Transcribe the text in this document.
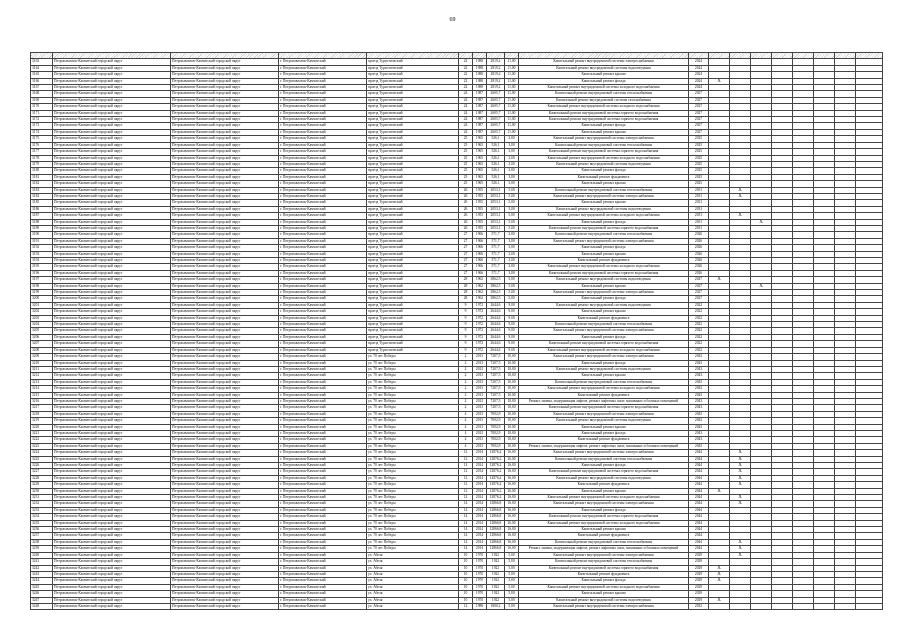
69

3163	Петропавловск-Камчатский городской округ	Петропавловск-Камчатский городской округ	г. Петропавловск-Камчатский	проезд Туристический	22	1988	2819,2	11,00	Капитальный ремонт внутридомовой системы электроснабжения	2024								
3164	Петропавловск-Камчатский городской округ	Петропавловск-Камчатский городской округ	г. Петропавловск-Камчатский	проезд Туристический	22	1988	2819,2	11,00	Капитальный ремонт внутридомовой системы водоотведения	2024								
3165	Петропавловск-Камчатский городской округ	Петропавловск-Камчатский городской округ	г. Петропавловск-Камчатский	проезд Туристический	22	1988	2819,2	11,00	Капитальный ремонт крыши	2024								
3166	Петропавловск-Камчатский городской округ	Петропавловск-Камчатский городской округ	г. Петропавловск-Камчатский	проезд Туристический	22	1988	2819,2	11,00	Капитальный ремонт фасада	2024	X							
3167	Петропавловск-Камчатский городской округ	Петропавловск-Камчатский городской округ	г. Петропавловск-Камчатский	проезд Туристический	22	1988	2819,2	11,00	Капитальный ремонт внутридомовой системы холодного водоснабжения	2024								
3168	Петропавловск-Камчатский городской округ	Петропавловск-Камчатский городской округ	г. Петропавловск-Камчатский	проезд Туристический	24	1987	2605,7	11,00	Капитальный ремонт внутридомовой системы теплоснабжения	2027								
3169	Петропавловск-Камчатский городской округ	Петропавловск-Камчатский городской округ	г. Петропавловск-Камчатский	проезд Туристический	24	1987	2605,7	11,00	Капитальный ремонт внутридомовой системы газоснабжения	2027								
3170	Петропавловск-Камчатский городской округ	Петропавловск-Камчатский городской округ	г. Петропавловск-Камчатский	проезд Туристический	24	1987	2605,7	11,00	Капитальный ремонт внутридомовой системы холодного водоснабжения	2027								
3171	Петропавловск-Камчатский городской округ	Петропавловск-Камчатский городской округ	г. Петропавловск-Камчатский	проезд Туристический	24	1987	2605,7	11,00	Капитальный ремонт внутридомовой системы горячего водоснабжения	2027								
3172	Петропавловск-Камчатский городской округ	Петропавловск-Камчатский городской округ	г. Петропавловск-Камчатский	проезд Туристический	24	1987	2605,7	11,00	Капитальный ремонт внутридомовой системы горячего водоснабжения	2027								
3173	Петропавловск-Камчатский городской округ	Петропавловск-Камчатский городской округ	г. Петропавловск-Камчатский	проезд Туристический	24	1987	2605,7	11,00	Капитальный ремонт фасада	2027								
3174	Петропавловск-Камчатский городской округ	Петропавловск-Камчатский городской округ	г. Петропавловск-Камчатский	проезд Туристический	24	1987	2605,7	11,00	Капитальный ремонт крыши	2027								
3175	Петропавловск-Камчатский городской округ	Петропавловск-Камчатский городской округ	г. Петропавловск-Камчатский	проезд Туристический	25	1965	526,1	3,00	Капитальный ремонт внутридомовой системы электроснабжения	2025								
3176	Петропавловск-Камчатский городской округ	Петропавловск-Камчатский городской округ	г. Петропавловск-Камчатский	проезд Туристический	25	1965	526,1	3,00	Капитальный ремонт внутридомовой системы теплоснабжения	2025								
3177	Петропавловск-Камчатский городской округ	Петропавловск-Камчатский городской округ	г. Петропавловск-Камчатский	проезд Туристический	25	1965	526,1	3,00	Капитальный ремонт внутридомовой системы горячего водоснабжения	2025								
3178	Петропавловск-Камчатский городской округ	Петропавловск-Камчатский городской округ	г. Петропавловск-Камчатский	проезд Туристический	25	1965	526,1	3,00	Капитальный ремонт внутридомовой системы холодного водоснабжения	2025								
3179	Петропавловск-Камчатский городской округ	Петропавловск-Камчатский городской округ	г. Петропавловск-Камчатский	проезд Туристический	25	1965	526,1	3,00	Капитальный ремонт внутридомовой системы водоотведения	2025								
3180	Петропавловск-Камчатский городской округ	Петропавловск-Камчатский городской округ	г. Петропавловск-Камчатский	проезд Туристический	25	1965	526,1	3,00	Капитальный ремонт фасада	2025								
3181	Петропавловск-Камчатский городской округ	Петропавловск-Камчатский городской округ	г. Петропавловск-Камчатский	проезд Туристический	25	1965	526,1	3,00	Капитальный ремонт фундамента	2025								
3182	Петропавловск-Камчатский городской округ	Петропавловск-Камчатский городской округ	г. Петропавловск-Камчатский	проезд Туристический	25	1965	526,1	3,00	Капитальный ремонт крыши	2025								
3183	Петропавловск-Камчатский городской округ	Петропавловск-Камчатский городской округ	г. Петропавловск-Камчатский	проезд Туристический	26	1955	2053,1	5,00	Капитальный ремонт внутридомовой системы теплоснабжения	2031		X						
3184	Петропавловск-Камчатский городской округ	Петропавловск-Камчатский городской округ	г. Петропавловск-Камчатский	проезд Туристический	26	1955	2053,1	5,00	Капитальный ремонт внутридомовой системы электроснабжения	2031		X						
3185	Петропавловск-Камчатский городской округ	Петропавловск-Камчатский городской округ	г. Петропавловск-Камчатский	проезд Туристический	26	1955	2053,1	5,00	Капитальный ремонт крыши	2031								
3186	Петропавловск-Камчатский городской округ	Петропавловск-Камчатский городской округ	г. Петропавловск-Камчатский	проезд Туристический	26	1955	2053,1	5,00	Капитальный ремонт внутридомовой системы водоотведения	2031								
3187	Петропавловск-Камчатский городской округ	Петропавловск-Камчатский городской округ	г. Петропавловск-Камчатский	проезд Туристический	26	1955	2053,1	5,00	Капитальный ремонт внутридомовой системы холодного водоснабжения	2031		X						
3188	Петропавловск-Камчатский городской округ	Петропавловск-Камчатский городской округ	г. Петропавловск-Камчатский	проезд Туристический	26	1955	2053,1	5,00	Капитальный ремонт фасада	2031			X					
3189	Петропавловск-Камчатский городской округ	Петропавловск-Камчатский городской округ	г. Петропавловск-Камчатский	проезд Туристический	26	1955	2053,1	5,00	Капитальный ремонт внутридомовой системы горячего водоснабжения	2031								
3190	Петропавловск-Камчатский городской округ	Петропавловск-Камчатский городской округ	г. Петропавловск-Камчатский	проезд Туристический	27	1966	571,7	3,00	Капитальный ремонт внутридомовой системы теплоснабжения	2026								
3191	Петропавловск-Камчатский городской округ	Петропавловск-Камчатский городской округ	г. Петропавловск-Камчатский	проезд Туристический	27	1966	571,7	3,00	Капитальный ремонт внутридомовой системы электроснабжения	2026								
3192	Петропавловск-Камчатский городской округ	Петропавловск-Камчатский городской округ	г. Петропавловск-Камчатский	проезд Туристический	27	1966	571,7	3,00	Капитальный ремонт фасада	2026								
3193	Петропавловск-Камчатский городской округ	Петропавловск-Камчатский городской округ	г. Петропавловск-Камчатский	проезд Туристический	27	1966	571,7	3,00	Капитальный ремонт крыши	2026								
3194	Петропавловск-Камчатский городской округ	Петропавловск-Камчатский городской округ	г. Петропавловск-Камчатский	проезд Туристический	27	1966	571,7	3,00	Капитальный ремонт фундамента	2026								
3195	Петропавловск-Камчатский городской округ	Петропавловск-Камчатский городской округ	г. Петропавловск-Камчатский	проезд Туристический	27	1966	571,7	3,00	Капитальный ремонт внутридомовой системы холодного водоснабжения	2026								
3196	Петропавловск-Камчатский городской округ	Петропавловск-Камчатский городской округ	г. Петропавловск-Камчатский	проезд Туристический	27	1966	571,7	3,00	Капитальный ремонт внутридомовой системы горячего водоснабжения	2026								
3197	Петропавловск-Камчатский городской округ	Петропавловск-Камчатский городской округ	г. Петропавловск-Камчатский	проезд Туристический	28	1962	3862,5	5,00	Капитальный ремонт внутридомовой системы водоотведения	2027	X							
3198	Петропавловск-Камчатский городской округ	Петропавловск-Камчатский городской округ	г. Петропавловск-Камчатский	проезд Туристический	28	1962	3862,5	5,00	Капитальный ремонт крыши	2027			X					
3199	Петропавловск-Камчатский городской округ	Петропавловск-Камчатский городской округ	г. Петропавловск-Камчатский	проезд Туристический	28	1962	3862,5	5,00	Капитальный ремонт внутридомовой системы электроснабжения	2027								
3200	Петропавловск-Камчатский городской округ	Петропавловск-Камчатский городской округ	г. Петропавловск-Камчатский	проезд Туристический	28	1962	3862,5	5,00	Капитальный ремонт фасада	2027								
3201	Петропавловск-Камчатский городской округ	Петропавловск-Камчатский городской округ	г. Петропавловск-Камчатский	проезд Туристический	9	1972	2644,6	9,00	Капитальный ремонт внутридомовой системы водоотведения	2022								
3202	Петропавловск-Камчатский городской округ	Петропавловск-Камчатский городской округ	г. Петропавловск-Камчатский	проезд Туристический	9	1972	2644,6	9,00	Капитальный ремонт крыши	2022								
3203	Петропавловск-Камчатский городской округ	Петропавловск-Камчатский городской округ	г. Петропавловск-Камчатский	проезд Туристический	9	1972	2644,6	9,00	Капитальный ремонт фундамента	2022								
3204	Петропавловск-Камчатский городской округ	Петропавловск-Камчатский городской округ	г. Петропавловск-Камчатский	проезд Туристический	9	1972	2644,6	9,00	Капитальный ремонт внутридомовой системы теплоснабжения	2022								
3205	Петропавловск-Камчатский городской округ	Петропавловск-Камчатский городской округ	г. Петропавловск-Камчатский	проезд Туристический	9	1972	2644,6	9,00	Капитальный ремонт внутридомовой системы электроснабжения	2022								
3206	Петропавловск-Камчатский городской округ	Петропавловск-Камчатский городской округ	г. Петропавловск-Камчатский	проезд Туристический	9	1972	2644,6	9,00	Капитальный ремонт фасада	2022								
3207	Петропавловск-Камчатский городской округ	Петропавловск-Камчатский городской округ	г. Петропавловск-Камчатский	проезд Туристический	9	1972	2644,6	9,00	Капитальный ремонт внутридомовой системы горячего водоснабжения	2022								
3208	Петропавловск-Камчатский городской округ	Петропавловск-Камчатский городской округ	г. Петропавловск-Камчатский	проезд Туристический	9	1972	2644,6	9,00	Капитальный ремонт внутридомовой системы холодного водоснабжения	2022								
3209	Петропавловск-Камчатский городской округ	Петропавловск-Камчатский городской округ	г. Петропавловск-Камчатский	ул. 70 лет Победы	2	2013	7207,5	10,00	Капитальный ремонт внутридомовой системы электроснабжения	2043								
3210	Петропавловск-Камчатский городской округ	Петропавловск-Камчатский городской округ	г. Петропавловск-Камчатский	ул. 70 лет Победы	2	2013	7207,5	10,00	Капитальный ремонт фасада	2043								
3211	Петропавловск-Камчатский городской округ	Петропавловск-Камчатский городской округ	г. Петропавловск-Камчатский	ул. 70 лет Победы	2	2013	7207,5	10,00	Капитальный ремонт внутридомовой системы водоотведения	2043								
3212	Петропавловск-Камчатский городской округ	Петропавловск-Камчатский городской округ	г. Петропавловск-Камчатский	ул. 70 лет Победы	2	2013	7207,5	10,00	Капитальный ремонт крыши	2043								
3213	Петропавловск-Камчатский городской округ	Петропавловск-Камчатский городской округ	г. Петропавловск-Камчатский	ул. 70 лет Победы	2	2013	7207,5	10,00	Капитальный ремонт внутридомовой системы теплоснабжения	2043								
3214	Петропавловск-Камчатский городской округ	Петропавловск-Камчатский городской округ	г. Петропавловск-Камчатский	ул. 70 лет Победы	2	2013	7207,5	10,00	Капитальный ремонт внутридомовой системы холодного водоснабжения	2043								
3215	Петропавловск-Камчатский городской округ	Петропавловск-Камчатский городской округ	г. Петропавловск-Камчатский	ул. 70 лет Победы	2	2013	7207,5	10,00	Капитальный ремонт фундамента	2043								
3216	Петропавловск-Камчатский городской округ	Петропавловск-Камчатский городской округ	г. Петропавловск-Камчатский	ул. 70 лет Победы	2	2013	7207,5	10,00	Ремонт, замена, модернизация лифтов, ремонт лифтовых шахт, машинных и блочных помещений	2043								
3217	Петропавловск-Камчатский городской округ	Петропавловск-Камчатский городской округ	г. Петропавловск-Камчатский	ул. 70 лет Победы	2	2013	7207,5	10,00	Капитальный ремонт внутридомовой системы горячего водоснабжения	2043								
3218	Петропавловск-Камчатский городской округ	Петропавловск-Камчатский городской округ	г. Петропавловск-Камчатский	ул. 70 лет Победы	4	2013	7002,9	10,00	Капитальный ремонт внутридомовой системы электроснабжения	2043								
3219	Петропавловск-Камчатский городской округ	Петропавловск-Камчатский городской округ	г. Петропавловск-Камчатский	ул. 70 лет Победы	4	2013	7002,9	10,00	Капитальный ремонт внутридомовой системы водоотведения	2043								
3220	Петропавловск-Камчатский городской округ	Петропавловск-Камчатский городской округ	г. Петропавловск-Камчатский	ул. 70 лет Победы	4	2013	7002,9	10,00	Капитальный ремонт крыши	2043								
3221	Петропавловск-Камчатский городской округ	Петропавловск-Камчатский городской округ	г. Петропавловск-Камчатский	ул. 70 лет Победы	4	2013	7002,9	10,00	Капитальный ремонт фасада	2043								
3222	Петропавловск-Камчатский городской округ	Петропавловск-Камчатский городской округ	г. Петропавловск-Камчатский	ул. 70 лет Победы	4	2013	7002,9	10,00	Капитальный ремонт фундамента	2043								
3223	Петропавловск-Камчатский городской округ	Петропавловск-Камчатский городской округ	г. Петропавловск-Камчатский	ул. 70 лет Победы	4	2013	7002,9	10,00	Ремонт, замена, модернизация лифтов, ремонт лифтовых шахт, машинных и блочных помещений	2043								
3224	Петропавловск-Камчатский городской округ	Петропавловск-Камчатский городской округ	г. Петропавловск-Камчатский	ул. 70 лет Победы	12	2014	12876,2	16,00	Капитальный ремонт внутридомовой системы электроснабжения	2044		X						
3225	Петропавловск-Камчатский городской округ	Петропавловск-Камчатский городской округ	г. Петропавловск-Камчатский	ул. 70 лет Победы	12	2014	12876,2	16,00	Капитальный ремонт внутридомовой системы теплоснабжения	2044		X						
3226	Петропавловск-Камчатский городской округ	Петропавловск-Камчатский городской округ	г. Петропавловск-Камчатский	ул. 70 лет Победы	12	2014	12876,2	16,00	Капитальный ремонт фасада	2044		X						
3227	Петропавловск-Камчатский городской округ	Петропавловск-Камчатский городской округ	г. Петропавловск-Камчатский	ул. 70 лет Победы	12	2014	12876,2	16,00	Капитальный ремонт внутридомовой системы горячего водоснабжения	2044		X						
3228	Петропавловск-Камчатский городской округ	Петропавловск-Камчатский городской округ	г. Петропавловск-Камчатский	ул. 70 лет Победы	12	2014	12876,2	16,00	Капитальный ремонт внутридомовой системы водоотведения	2044		X						
3229	Петропавловск-Камчатский городской округ	Петропавловск-Камчатский городской округ	г. Петропавловск-Камчатский	ул. 70 лет Победы	12	2014	12876,2	16,00	Капитальный ремонт фундамента	2044		X						
3230	Петропавловск-Камчатский городской округ	Петропавловск-Камчатский городской округ	г. Петропавловск-Камчатский	ул. 70 лет Победы	12	2014	12876,2	16,00	Капитальный ремонт крыши	2044	X							
3231	Петропавловск-Камчатский городской округ	Петропавловск-Камчатский городской округ	г. Петропавловск-Камчатский	ул. 70 лет Победы	12	2014	12876,2	16,00	Капитальный ремонт внутридомовой системы холодного водоснабжения	2044		X						
3232	Петропавловск-Камчатский городской округ	Петропавловск-Камчатский городской округ	г. Петропавловск-Камчатский	ул. 70 лет Победы	14	2014	12866,8	16,00	Капитальный ремонт внутридомовой системы электроснабжения	2044		X						
3233	Петропавловск-Камчатский городской округ	Петропавловск-Камчатский городской округ	г. Петропавловск-Камчатский	ул. 70 лет Победы	14	2014	12866,8	16,00	Капитальный ремонт фасада	2044								
3234	Петропавловск-Камчатский городской округ	Петропавловск-Камчатский городской округ	г. Петропавловск-Камчатский	ул. 70 лет Победы	14	2014	12866,8	16,00	Капитальный ремонт внутридомовой системы горячего водоснабжения	2044								
3235	Петропавловск-Камчатский городской округ	Петропавловск-Камчатский городской округ	г. Петропавловск-Камчатский	ул. 70 лет Победы	14	2014	12866,8	16,00	Капитальный ремонт внутридомовой системы холодного водоснабжения	2044								
3236	Петропавловск-Камчатский городской округ	Петропавловск-Камчатский городской округ	г. Петропавловск-Камчатский	ул. 70 лет Победы	14	2014	12866,8	16,00	Капитальный ремонт крыши	2044								
3237	Петропавловск-Камчатский городской округ	Петропавловск-Камчатский городской округ	г. Петропавловск-Камчатский	ул. 70 лет Победы	14	2014	12866,8	16,00	Капитальный ремонт фундамента	2044								
3238	Петропавловск-Камчатский городской округ	Петропавловск-Камчатский городской округ	г. Петропавловск-Камчатский	ул. 70 лет Победы	14	2014	12866,8	16,00	Капитальный ремонт внутридомовой системы теплоснабжения	2044		X						
3239	Петропавловск-Камчатский городской округ	Петропавловск-Камчатский городской округ	г. Петропавловск-Камчатский	ул. 70 лет Победы	14	2014	12866,8	16,00	Ремонт, замена, модернизация лифтов, ремонт лифтовых шахт, машинных и блочных помещений	2044		X						
3240	Петропавловск-Камчатский городской округ	Петропавловск-Камчатский городской округ	г. Петропавловск-Камчатский	ул. Абеля	10	1970	1922	5,00	Капитальный ремонт внутридомовой системы электроснабжения	2029		X						
3241	Петропавловск-Камчатский городской округ	Петропавловск-Камчатский городской округ	г. Петропавловск-Камчатский	ул. Абеля	10	1970	1922	5,00	Капитальный ремонт внутридомовой системы теплоснабжения	2029								
3242	Петропавловск-Камчатский городской округ	Петропавловск-Камчатский городской округ	г. Петропавловск-Камчатский	ул. Абеля	10	1970	1922	5,00	Капитальный ремонт внутридомовой системы горячего водоснабжения	2029	X							
3243	Петропавловск-Камчатский городской округ	Петропавловск-Камчатский городской округ	г. Петропавловск-Камчатский	ул. Абеля	10	1970	1922	5,00	Капитальный ремонт фундамента	2029	X							
3244	Петропавловск-Камчатский городской округ	Петропавловск-Камчатский городской округ	г. Петропавловск-Камчатский	ул. Абеля	10	1970	1922	5,00	Капитальный ремонт фасада	2029	X							
3245	Петропавловск-Камчатский городской округ	Петропавловск-Камчатский городской округ	г. Петропавловск-Камчатский	ул. Абеля	10	1970	1922	5,00	Капитальный ремонт внутридомовой системы холодного водоснабжения	2029								
3246	Петропавловск-Камчатский городской округ	Петропавловск-Камчатский городской округ	г. Петропавловск-Камчатский	ул. Абеля	10	1970	1922	5,00	Капитальный ремонт крыши	2029								
3247	Петропавловск-Камчатский городской округ	Петропавловск-Камчатский городской округ	г. Петропавловск-Камчатский	ул. Абеля	10	1970	1922	5,00	Капитальный ремонт внутридомовой системы водоотведения	2029	X							
3248	Петропавловск-Камчатский городской округ	Петропавловск-Камчатский городской округ	г. Петропавловск-Камчатский	ул. Абеля	12	1988	1800,2	5,00	Капитальный ремонт внутридомовой системы электроснабжения	2032								
